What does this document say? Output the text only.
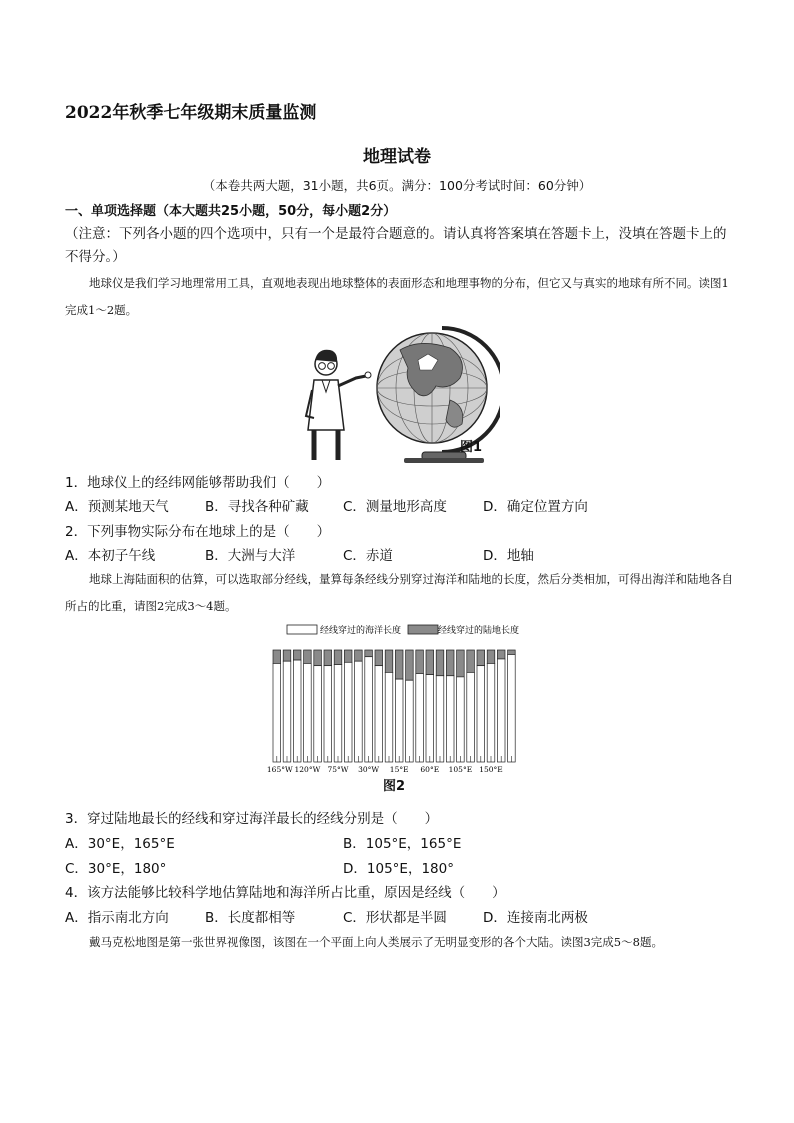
2022年秋季七年级期末质量监测
地理试卷
（本卷共两大题，31小题，共6页。满分：100分考试时间：60分钟）
一、单项选择题（本大题共25小题，50分，每小题2分）
（注意：下列各小题的四个选项中，只有一个是最符合题意的。请认真将答案填在答题卡上，没填在答题卡上的不得分。）
地球仪是我们学习地理常用工具，直观地表现出地球整体的表面形态和地理事物的分布，但它又与真实的地球有所不同。读图1完成1～2题。
图1
1．地球仪上的经纬网能够帮助我们（　　）
A．预测某地天气	B．寻找各种矿藏	C．测量地形高度	D．确定位置方向
2．下列事物实际分布在地球上的是（　　）
A．本初子午线	B．大洲与大洋	C．赤道	D．地轴
地球上海陆面积的估算，可以选取部分经线，量算每条经线分别穿过海洋和陆地的长度，然后分类相加，可得出海洋和陆地各自所占的比重，请图2完成3～4题。
经线穿过的海洋长度	经线穿过的陆地长度
165°W 120°W 75°W 30°W 15°E 60°E 105°E 150°E
图2
3．穿过陆地最长的经线和穿过海洋最长的经线分别是（　　）
A．30°E，165°E	B．105°E，165°E
C．30°E，180°	D．105°E，180°
4．该方法能够比较科学地估算陆地和海洋所占比重，原因是经线（　　）
A．指示南北方向	B．长度都相等	C．形状都是半圆	D．连接南北两极
戴马克松地图是第一张世界视像图，该图在一个平面上向人类展示了无明显变形的各个大陆。读图3完成5～8题。
